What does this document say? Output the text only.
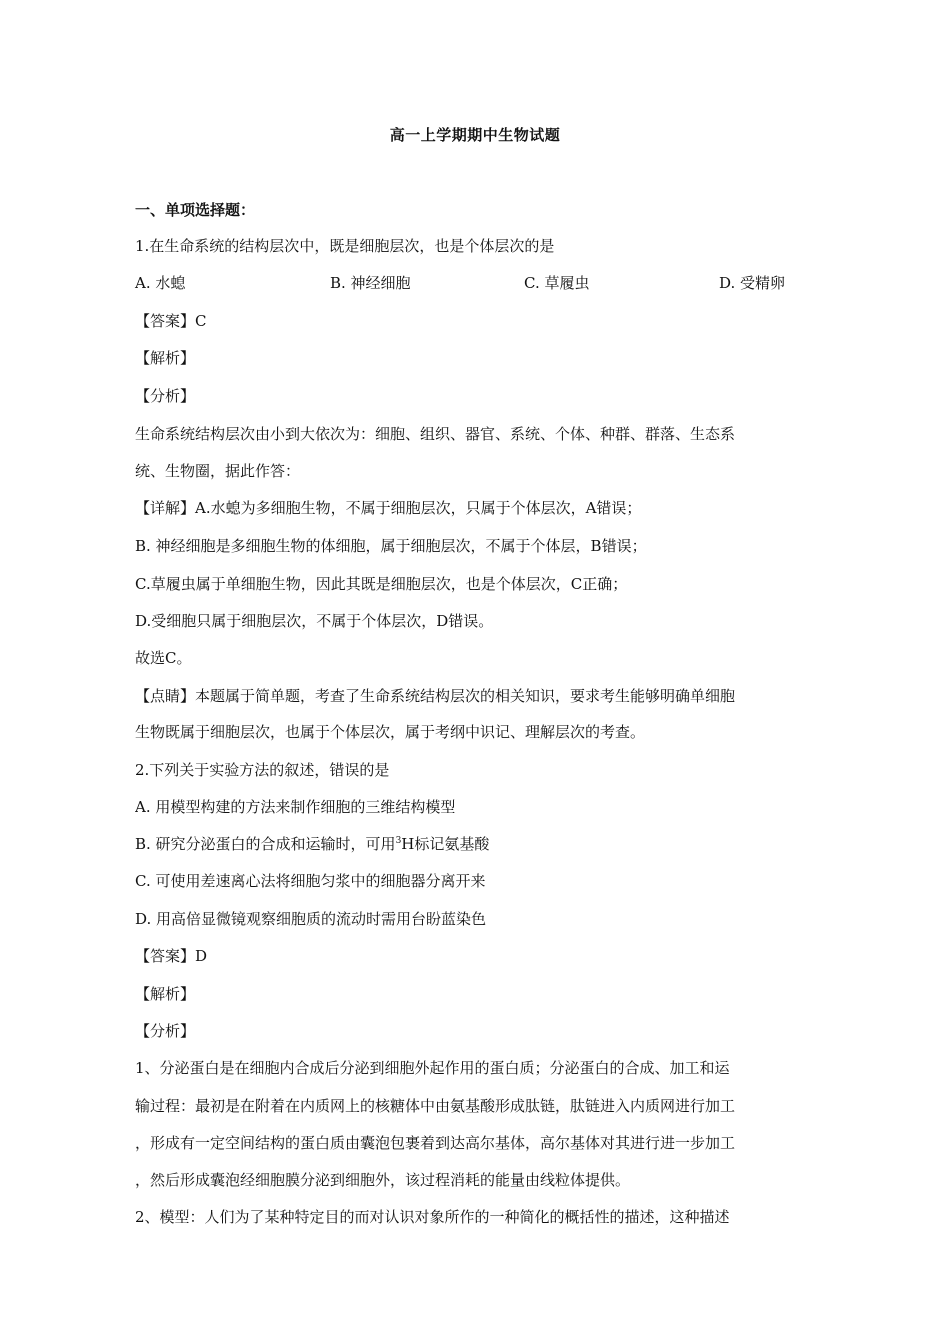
高一上学期期中生物试题
一、单项选择题：
1.在生命系统的结构层次中，既是细胞层次，也是个体层次的是
A. 水螅	B. 神经细胞	C. 草履虫	D. 受精卵
【答案】C
【解析】
【分析】
生命系统结构层次由小到大依次为：细胞、组织、器官、系统、个体、种群、群落、生态系
统、生物圈，据此作答：
【详解】A.水螅为多细胞生物，不属于细胞层次，只属于个体层次，A错误；
B. 神经细胞是多细胞生物的体细胞，属于细胞层次，不属于个体层，B错误；
C.草履虫属于单细胞生物，因此其既是细胞层次，也是个体层次，C正确；
D.受细胞只属于细胞层次，不属于个体层次，D错误。
故选C。
【点睛】本题属于简单题，考查了生命系统结构层次的相关知识，要求考生能够明确单细胞
生物既属于细胞层次，也属于个体层次，属于考纲中识记、理解层次的考查。
2.下列关于实验方法的叙述，错误的是
A. 用模型构建的方法来制作细胞的三维结构模型
B. 研究分泌蛋白的合成和运输时，可用$^3$H标记氨基酸
C. 可使用差速离心法将细胞匀浆中的细胞器分离开来
D. 用高倍显微镜观察细胞质的流动时需用台盼蓝染色
【答案】D
【解析】
【分析】
1、分泌蛋白是在细胞内合成后分泌到细胞外起作用的蛋白质；分泌蛋白的合成、加工和运
输过程：最初是在附着在内质网上的核糖体中由氨基酸形成肽链，肽链进入内质网进行加工
，形成有一定空间结构的蛋白质由囊泡包裹着到达高尔基体，高尔基体对其进行进一步加工
，然后形成囊泡经细胞膜分泌到细胞外，该过程消耗的能量由线粒体提供。
2、模型：人们为了某种特定目的而对认识对象所作的一种简化的概括性的描述，这种描述
